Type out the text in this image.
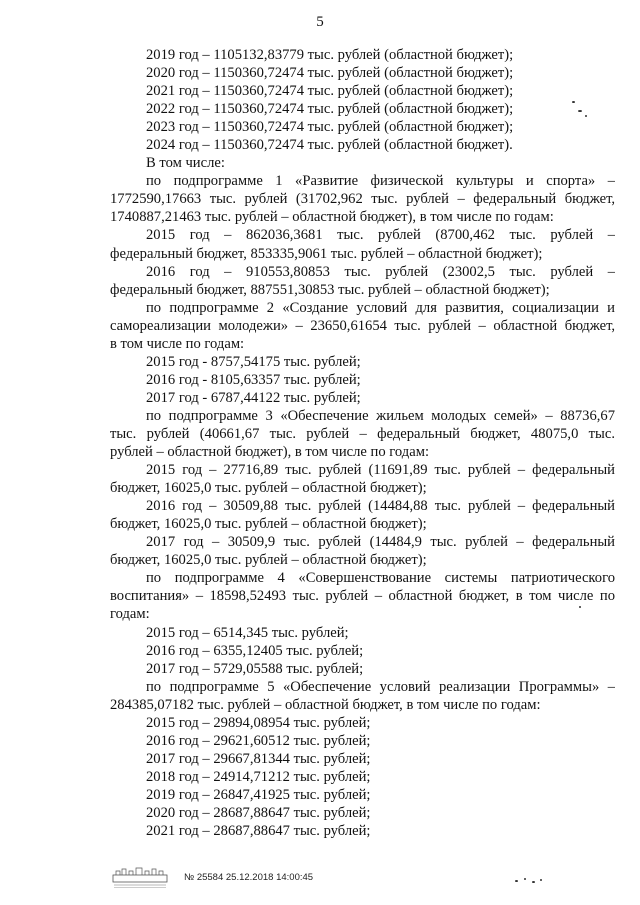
5
2019 год – 1105132,83779 тыс. рублей (областной бюджет);
2020 год – 1150360,72474 тыс. рублей (областной бюджет);
2021 год – 1150360,72474 тыс. рублей (областной бюджет);
2022 год – 1150360,72474 тыс. рублей (областной бюджет);
2023 год – 1150360,72474 тыс. рублей (областной бюджет);
2024 год – 1150360,72474 тыс. рублей (областной бюджет).
В том числе:
по подпрограмме 1 «Развитие физической культуры и спорта» –
1772590,17663 тыс. рублей (31702,962 тыс. рублей – федеральный бюджет,
1740887,21463 тыс. рублей – областной бюджет), в том числе по годам:
2015 год – 862036,3681 тыс. рублей (8700,462 тыс. рублей –
федеральный бюджет, 853335,9061 тыс. рублей – областной бюджет);
2016 год – 910553,80853 тыс. рублей (23002,5 тыс. рублей –
федеральный бюджет, 887551,30853 тыс. рублей – областной бюджет);
по подпрограмме 2 «Создание условий для развития, социализации и
самореализации молодежи» – 23650,61654 тыс. рублей – областной бюджет,
в том числе по годам:
2015 год - 8757,54175 тыс. рублей;
2016 год - 8105,63357 тыс. рублей;
2017 год - 6787,44122 тыс. рублей;
по подпрограмме 3 «Обеспечение жильем молодых семей» – 88736,67
тыс. рублей (40661,67 тыс. рублей – федеральный бюджет, 48075,0 тыс.
рублей – областной бюджет), в том числе по годам:
2015 год – 27716,89 тыс. рублей (11691,89 тыс. рублей – федеральный
бюджет, 16025,0 тыс. рублей – областной бюджет);
2016 год – 30509,88 тыс. рублей (14484,88 тыс. рублей – федеральный
бюджет, 16025,0 тыс. рублей – областной бюджет);
2017 год – 30509,9 тыс. рублей (14484,9 тыс. рублей – федеральный
бюджет, 16025,0 тыс. рублей – областной бюджет);
по подпрограмме 4 «Совершенствование системы патриотического
воспитания» – 18598,52493 тыс. рублей – областной бюджет, в том числе по
годам:
2015 год – 6514,345 тыс. рублей;
2016 год – 6355,12405 тыс. рублей;
2017 год – 5729,05588 тыс. рублей;
по подпрограмме 5 «Обеспечение условий реализации Программы» –
284385,07182 тыс. рублей – областной бюджет, в том числе по годам:
2015 год – 29894,08954 тыс. рублей;
2016 год – 29621,60512 тыс. рублей;
2017 год – 29667,81344 тыс. рублей;
2018 год – 24914,71212 тыс. рублей;
2019 год – 26847,41925 тыс. рублей;
2020 год – 28687,88647 тыс. рублей;
2021 год – 28687,88647 тыс. рублей;
№ 25584 25.12.2018 14:00:45
